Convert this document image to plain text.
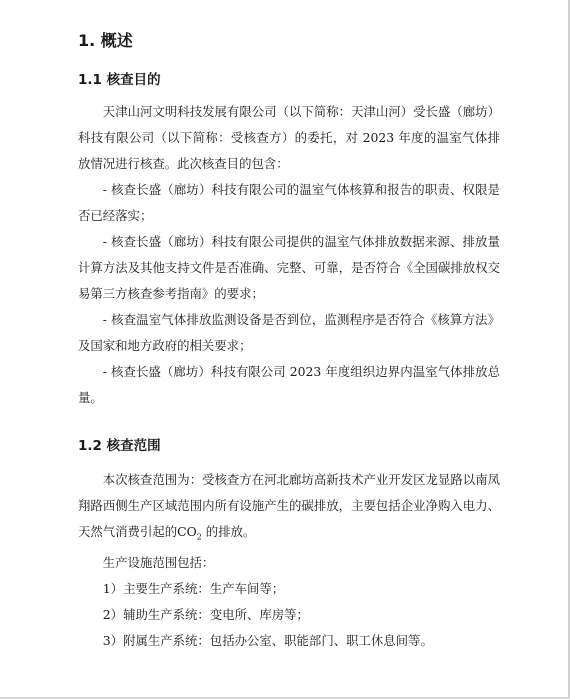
1. 概述
1.1 核查目的

天津山河文明科技发展有限公司（以下简称：天津山河）受长盛（廊坊）科技有限公司（以下简称：受核查方）的委托，对 2023 年度的温室气体排放情况进行核查。此次核查目的包含：

- 核查长盛（廊坊）科技有限公司的温室气体核算和报告的职责、权限是否已经落实；

- 核查长盛（廊坊）科技有限公司提供的温室气体排放数据来源、排放量计算方法及其他支持文件是否准确、完整、可靠，是否符合《全国碳排放权交易第三方核查参考指南》的要求；

- 核查温室气体排放监测设备是否到位，监测程序是否符合《核算方法》及国家和地方政府的相关要求；

- 核查长盛（廊坊）科技有限公司 2023 年度组织边界内温室气体排放总量。

1.2 核查范围

本次核查范围为：受核查方在河北廊坊高新技术产业开发区龙显路以南凤翔路西侧生产区域范围内所有设施产生的碳排放，主要包括企业净购入电力、天然气消费引起的$CO_2$ 的排放。

生产设施范围包括：

1）主要生产系统：生产车间等；

2）辅助生产系统：变电所、库房等；

3）附属生产系统：包括办公室、职能部门、职工休息间等。
